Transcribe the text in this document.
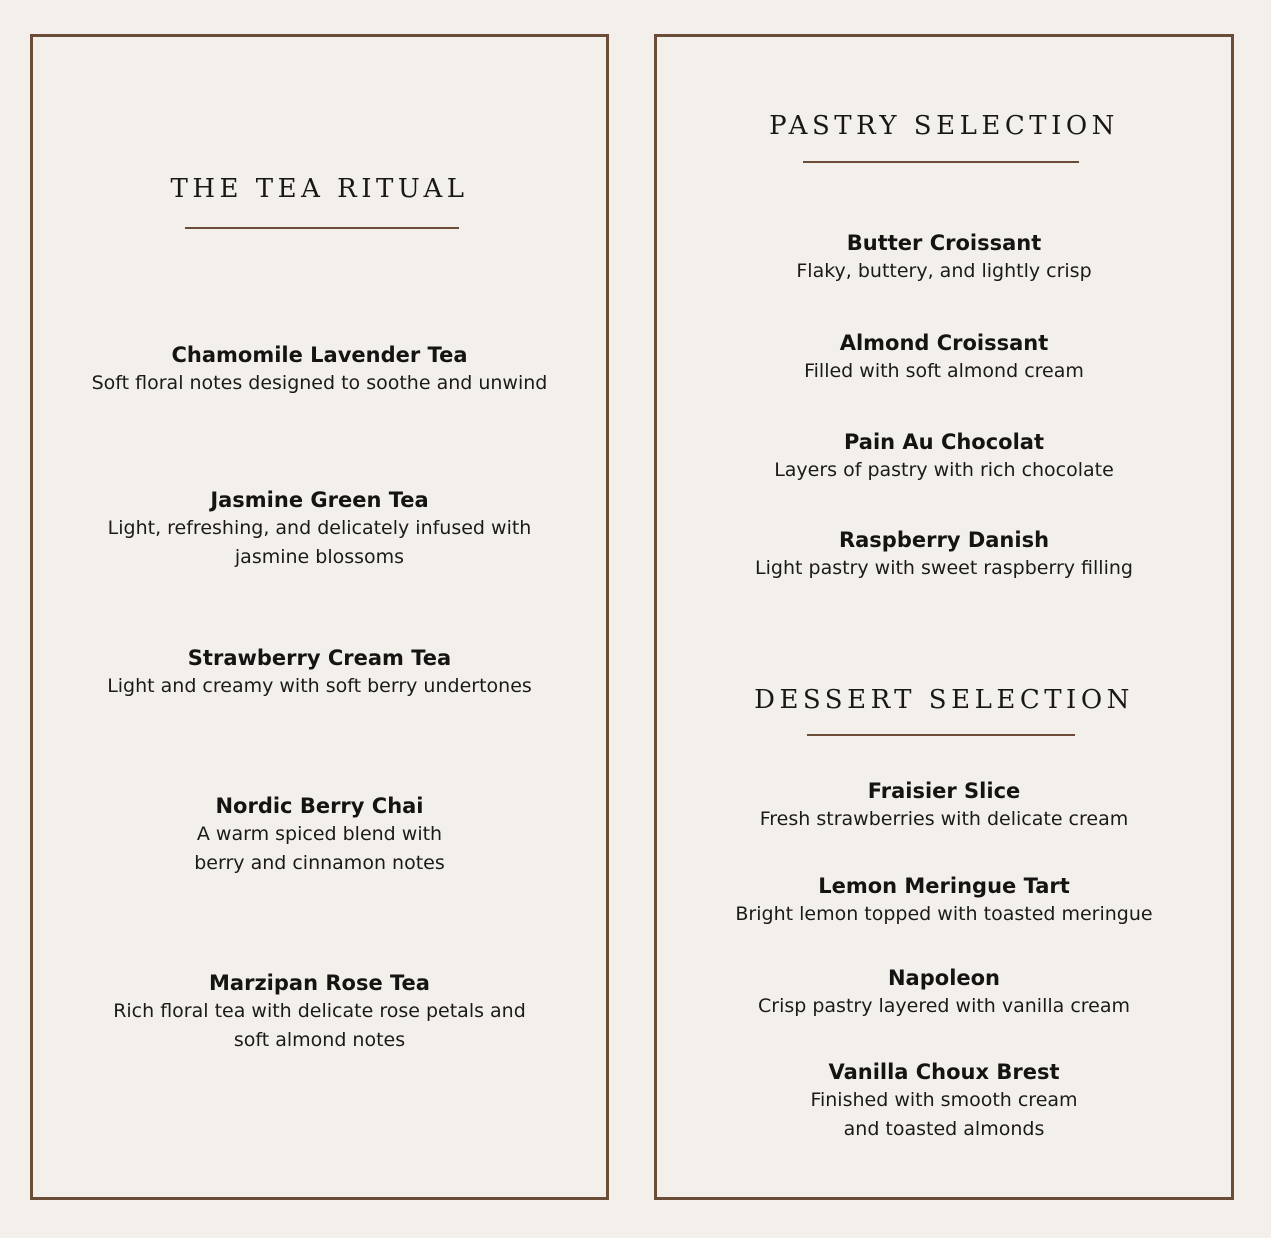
THE TEA RITUAL
Chamomile Lavender Tea
Soft floral notes designed to soothe and unwind
Jasmine Green Tea
Light, refreshing, and delicately infused with jasmine blossoms
Strawberry Cream Tea
Light and creamy with soft berry undertones
Nordic Berry Chai
A warm spiced blend with berry and cinnamon notes
Marzipan Rose Tea
Rich floral tea with delicate rose petals and soft almond notes
PASTRY SELECTION
Butter Croissant
Flaky, buttery, and lightly crisp
Almond Croissant
Filled with soft almond cream
Pain Au Chocolat
Layers of pastry with rich chocolate
Raspberry Danish
Light pastry with sweet raspberry filling
DESSERT SELECTION
Fraisier Slice
Fresh strawberries with delicate cream
Lemon Meringue Tart
Bright lemon topped with toasted meringue
Napoleon
Crisp pastry layered with vanilla cream
Vanilla Choux Brest
Finished with smooth cream and toasted almonds
